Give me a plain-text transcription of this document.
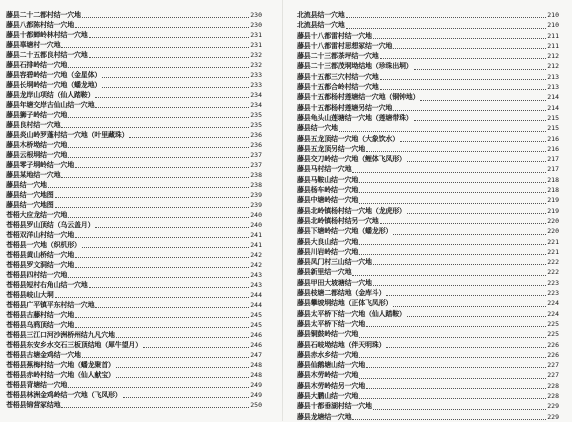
藤县二十二都村结一穴地	230
藤县八都陈村结一穴地	230
藤县十都蝉岭林村结一穴地	231
藤县辜塘村一穴地	231
藤县二十五都良村结一穴地	232
藤县石排岭结一穴地	232
藤县容碧岭结一穴地（金星体）	233
藤县长垌岭结一穴地（蟠龙地）	233
藤县龙岸山项结（仙人踏鞍）	234
藤县年塘交岸古仙山结一穴地	234
藤县狮子岭结一穴地	235
藤县良村结一穴地	235
藤县炎山岭罗蓬村结一穴地（叶里藏珠）	236
藤县木桥坳结一穴地	236
藤县云根垌结一穴地	237
藤县零子垌岭结一穴地	237
藤县某地结一穴地	238
藤县结一穴地	238
藤县结一穴地图	239
藤县结一穴地图	239
苍梧大应龙结一穴地	240
苍梧县罗山顶结（乌云盖月）	240
苍梧双洋山村结一穴地	241
苍梧县一穴地（织机形）	241
苍梧县黄山桥结一穴地	242
苍梧县罗文洞结一穴地	242
苍梧县四村结一穴地	243
苍梧县短村右角山结一穴地	243
苍梧县岐山大垌	244
苍梧县广平镇平东村结一穴地	244
苍梧县古藤村结一穴地	245
苍梧县乌鸦顶结一穴地	245
苍梧县三江口河沙洲桥州结九凡穴地	246
苍梧县东安乡水交石三板顶结地（犀牛望月）	246
苍梧县古塘金鸡结一穴地	247
苍梧县蕉梅村结一穴地（蟠龙聚首）	248
苍梧县赤岭村结一穴地（仙人献宝）	248
苍梧县背塘结一穴地	249
苍梧县林洲金鸡岭结一穴地（飞凤形）	249
苍梧县锦营冢结地	250
北流县结一穴地	210
北流县结一穴地	210
藤县十八都雷村结一穴地	211
藤县十八都雷村思想冢结一穴地	211
藤县二十三都茶坪结一穴地	212
藤县二十三都茂垌坳结地（珍珠出垌）	212
藤县十五都三穴村结一穴地	213
藤县十五都合岭村结一穴地	213
藤县十五都杨村莲塘结一穴地（铜钟地）	214
藤县十五都杨村莲塘另结一穴地	214
藤县龟头山莲塘结一穴地（莲塘带珠）	215
藤县结一穴地	215
藤县五龙顶结一穴地（大象饮水）	216
藤县五龙顶另结一穴地	216
藤县交刀岭结一穴地（鲤体飞凤形）	217
藤县马村结一穴地	217
藤县马鞍山结一穴地	218
藤县杨车岭结一穴地	218
藤县中塘岭结一穴地	219
藤县北岭镇杨村结一穴地（龙虎形）	219
藤县北岭镇杨村结另一穴地	220
藤县下塘岭结一穴地（蟠龙形）	220
藤县大良山结一穴地	221
藤县川岩岭结一穴地	221
藤县凤门村三山结一穴地	222
藤县新里结一穴地	222
藤县甲田大坡塘结一穴地	223
藤县枝塘二都结地（金库斗）	223
藤县攀坡垌结地（正体飞凤形）	224
藤县太平桥下结一穴地（仙人踏鞍）	224
藤县太平桥下结一穴地	225
藤县铜鼓岭结一穴地	225
藤县石岐坳结地（伴天明珠）	226
藤县赤水乡结一穴地	226
藤县仙鹅塘山结一穴地	227
藤县木劳岭结一穴地	227
藤县木劳岭结另一穴地	228
藤县大鹏山结一穴地	228
藤县十都垂湖村结一穴地	229
藤县龙塘结一穴地	229
